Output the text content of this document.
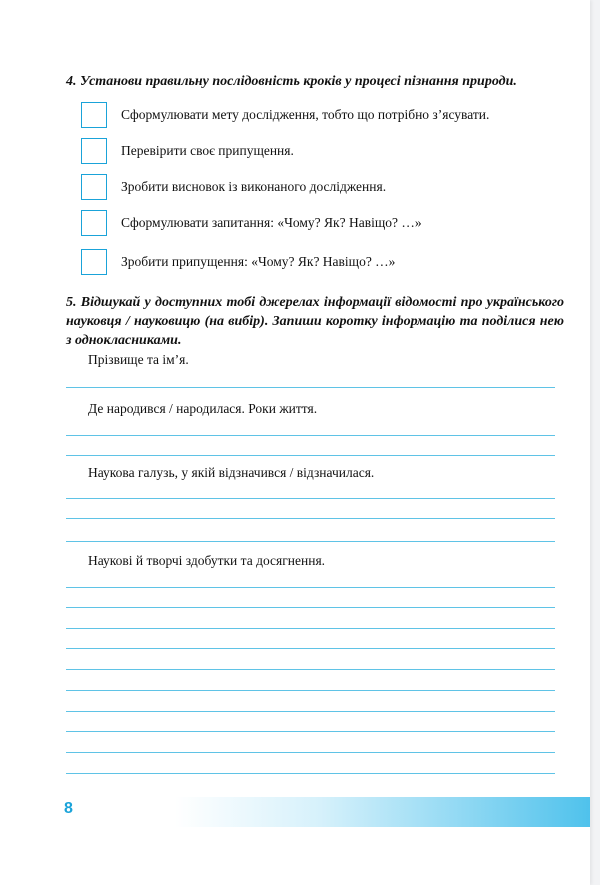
4. Установи правильну послідовність кроків у процесі пізнання природи.

Сформулювати мету дослідження, тобто що потрібно з’ясувати.
Перевірити своє припущення.
Зробити висновок із виконаного дослідження.
Сформулювати запитання: «Чому? Як? Навіщо? …»
Зробити припущення: «Чому? Як? Навіщо? …»

5. Відшукай у доступних тобі джерелах інформації відомості про українського науковця / науковицю (на вибір). Запиши коротку інформацію та поділися нею з однокласниками.

Прізвище та ім’я.

Де народився / народилася. Роки життя.

Наукова галузь, у якій відзначився / відзначилася.

Наукові й творчі здобутки та досягнення.

8
